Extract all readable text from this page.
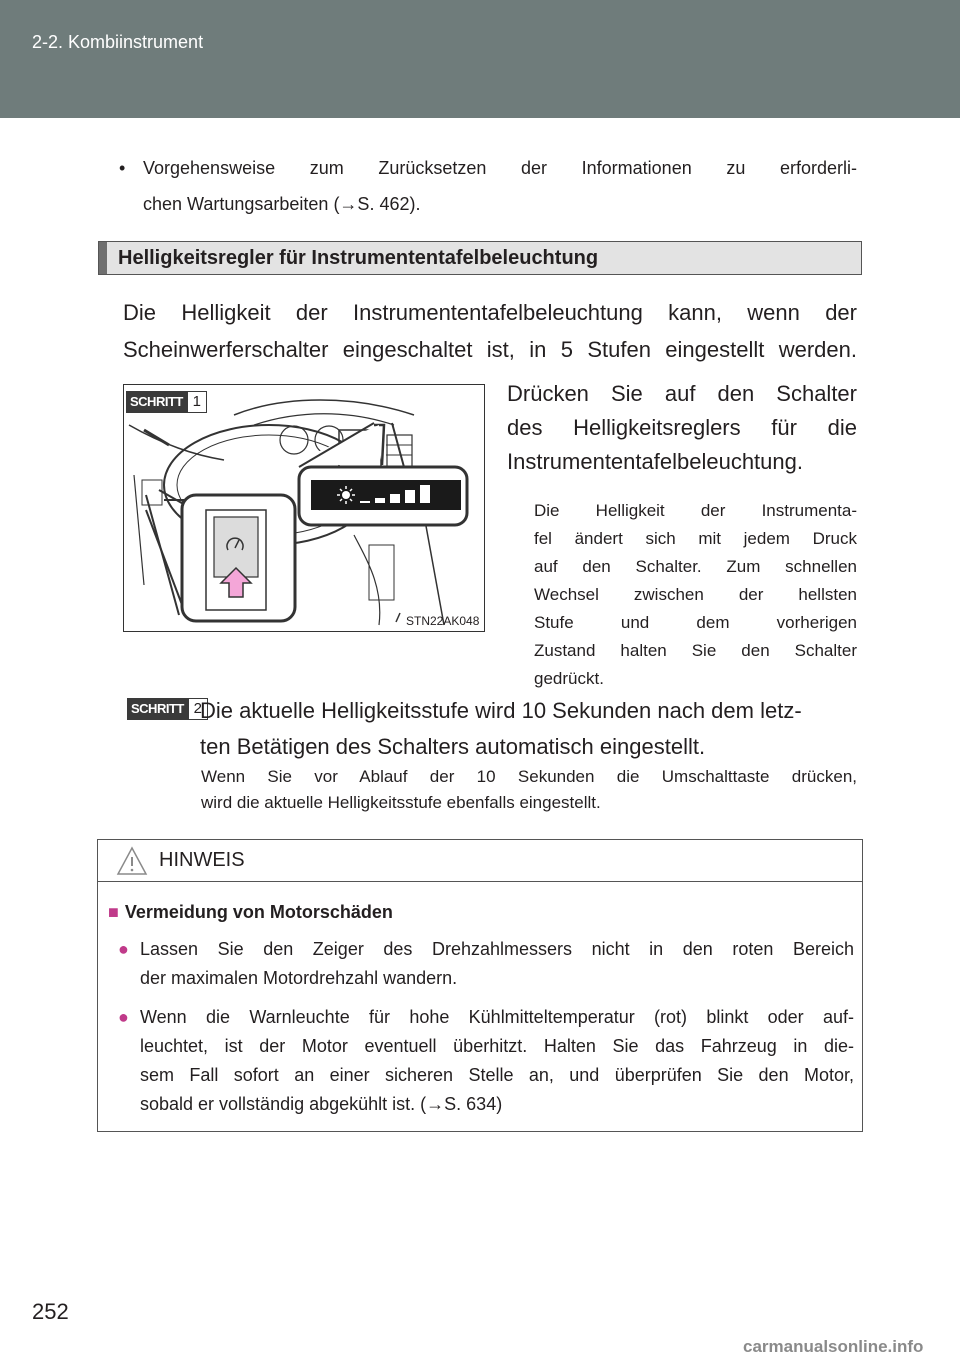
2-2. Kombiinstrument
• Vorgehensweise zum Zurücksetzen der Informationen zu erforderli-
chen Wartungsarbeiten (→S. 462).
Helligkeitsregler für Instrumententafelbeleuchtung
Die Helligkeit der Instrumententafelbeleuchtung kann, wenn der
Scheinwerferschalter eingeschaltet ist, in 5 Stufen eingestellt werden.
STN22AK048
SCHRITT 1	Drücken Sie auf den Schalter
des Helligkeitsreglers für die
Instrumententafelbeleuchtung.
Die Helligkeit der Instrumenta-
fel ändert sich mit jedem Druck
auf den Schalter. Zum schnellen
Wechsel zwischen der hellsten
Stufe und dem vorherigen
Zustand halten Sie den Schalter
gedrückt.
SCHRITT 2
Die aktuelle Helligkeitsstufe wird 10 Sekunden nach dem letz-
ten Betätigen des Schalters automatisch eingestellt.
Wenn Sie vor Ablauf der 10 Sekunden die Umschalttaste drücken,
wird die aktuelle Helligkeitsstufe ebenfalls eingestellt.
HINWEIS
■ Vermeidung von Motorschäden
● Lassen Sie den Zeiger des Drehzahlmessers nicht in den roten Bereich
der maximalen Motordrehzahl wandern.
● Wenn die Warnleuchte für hohe Kühlmitteltemperatur (rot) blinkt oder auf-
leuchtet, ist der Motor eventuell überhitzt. Halten Sie das Fahrzeug in die-
sem Fall sofort an einer sicheren Stelle an, und überprüfen Sie den Motor,
sobald er vollständig abgekühlt ist. (→S. 634)
252
carmanualsonline.info
